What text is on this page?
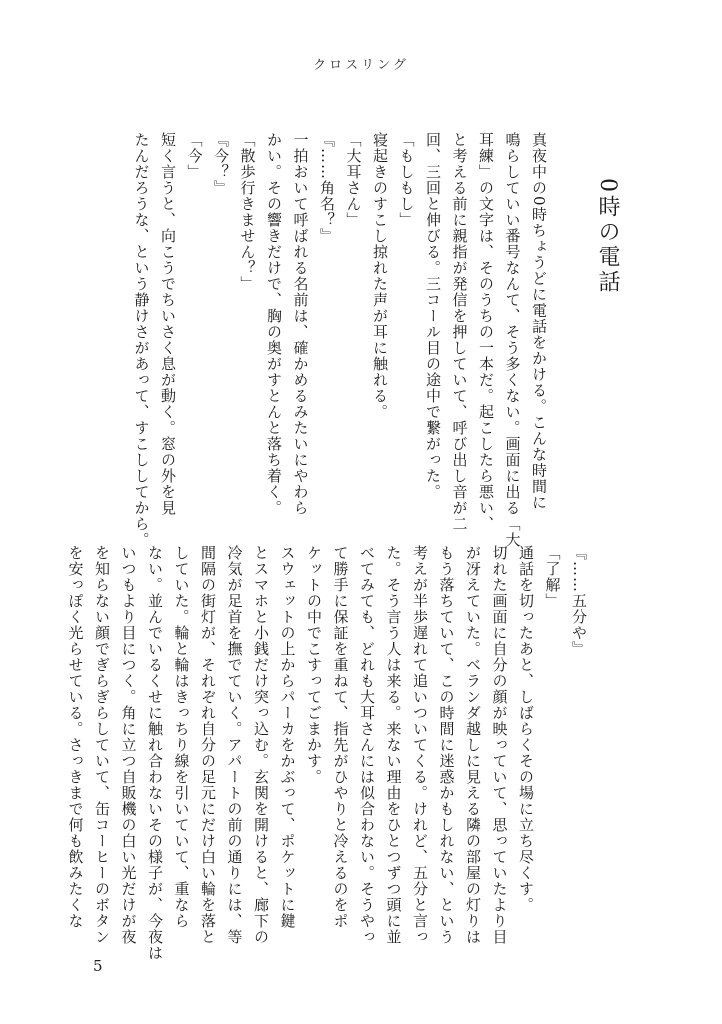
クロスリング
0時の電話
真夜中の0時ちょうどに電話をかける。こんな時間に
鳴らしていい番号なんて、そう多くない。画面に出る「大
耳練」の文字は、そのうちの一本だ。起こしたら悪い、
と考える前に親指が発信を押していて、呼び出し音が二
回、三回と伸びる。三コール目の途中で繋がった。
「もしもし」
寝起きのすこし掠れた声が耳に触れる。
「大耳さん」
『……角名？』
一拍おいて呼ばれる名前は、確かめるみたいにやわら
かい。その響きだけで、胸の奥がすとんと落ち着く。
「散歩行きません？」
『今？』
「今」
短く言うと、向こうでちいさく息が動く。窓の外を見
たんだろうな、という静けさがあって、すこししてから。
『……五分や』
「了解」
通話を切ったあと、しばらくその場に立ち尽くす。
切れた画面に自分の顔が映っていて、思っていたより目
が冴えていた。ベランダ越しに見える隣の部屋の灯りは
もう落ちていて、この時間に迷惑かもしれない、という
考えが半歩遅れて追いついてくる。けれど、五分と言っ
た。そう言う人は来る。来ない理由をひとつずつ頭に並
べてみても、どれも大耳さんには似合わない。そうやっ
て勝手に保証を重ねて、指先がひやりと冷えるのをポ
ケットの中でこすってごまかす。
スウェットの上からパーカをかぶって、ポケットに鍵
とスマホと小銭だけ突っ込む。玄関を開けると、廊下の
冷気が足首を撫でていく。アパートの前の通りには、等
間隔の街灯が、それぞれ自分の足元にだけ白い輪を落と
していた。輪と輪はきっちり線を引いていて、重なら
ない。並んでいるくせに触れ合わないその様子が、今夜は
いつもより目につく。角に立つ自販機の白い光だけが夜
を知らない顔でぎらぎらしていて、缶コーヒーのボタン
を安っぽく光らせている。さっきまで何も飲みたくな
5
